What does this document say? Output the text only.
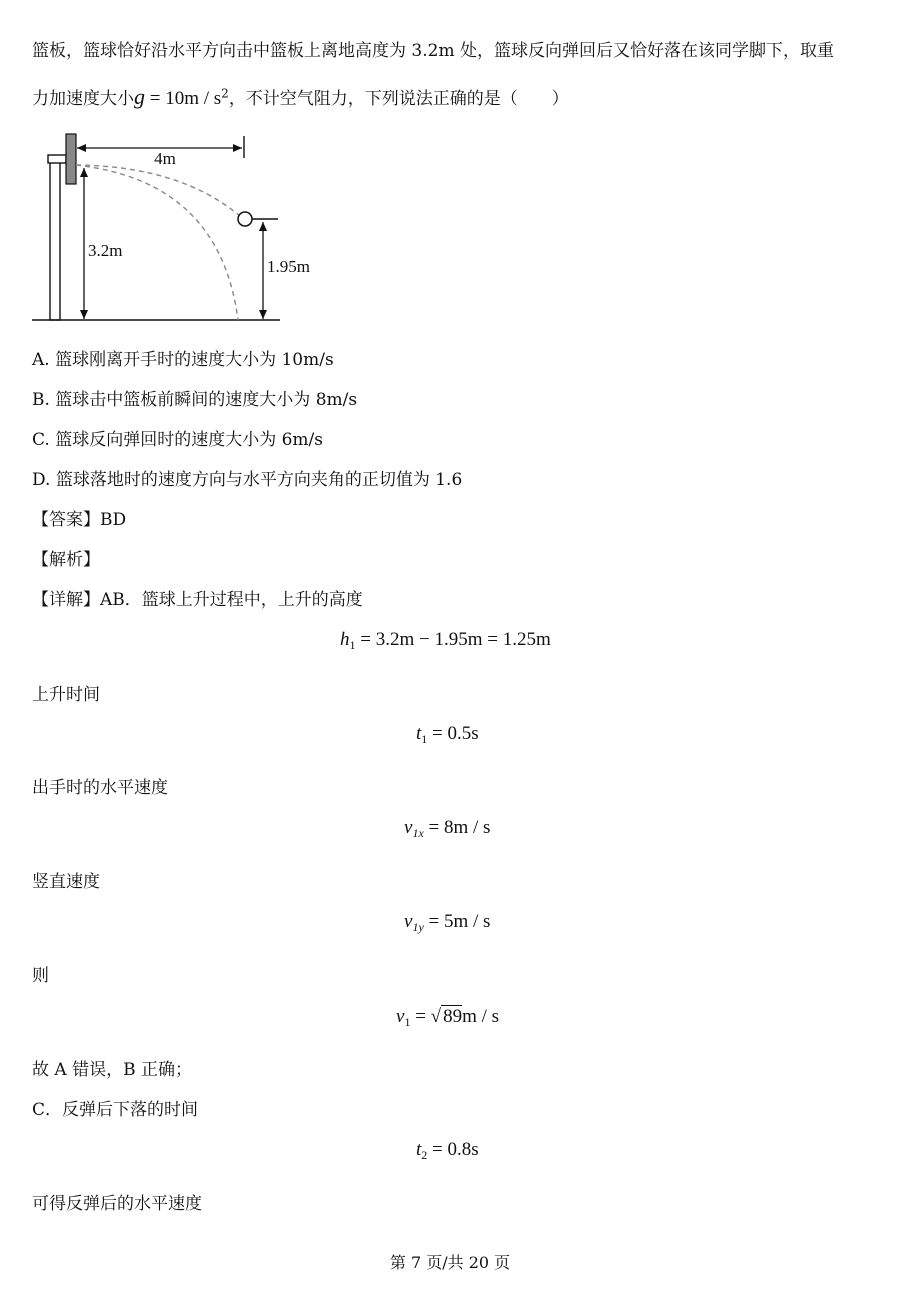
篮板，篮球恰好沿水平方向击中篮板上离地高度为 3.2m 处，篮球反向弹回后又恰好落在该同学脚下，取重
力加速度大小$g = 10m / s^2$，不计空气阻力，下列说法正确的是（　　）
4m
3.2m
1.95m
A. 篮球刚离开手时的速度大小为 10m/s
B. 篮球击中篮板前瞬间的速度大小为 8m/s
C. 篮球反向弹回时的速度大小为 6m/s
D. 篮球落地时的速度方向与水平方向夹角的正切值为 1.6
【答案】BD
【解析】
【详解】AB．篮球上升过程中，上升的高度
$h_1 = 3.2m - 1.95m = 1.25m$
上升时间
$t_1 = 0.5s$
出手时的水平速度
$v_{1x} = 8m / s$
竖直速度
$v_{1y} = 5m / s$
则
$v_1$ = √ 89m / s
故 A 错误，B 正确；
C．反弹后下落的时间
$t_2 = 0.8s$
可得反弹后的水平速度
第 7 页/共 20 页
